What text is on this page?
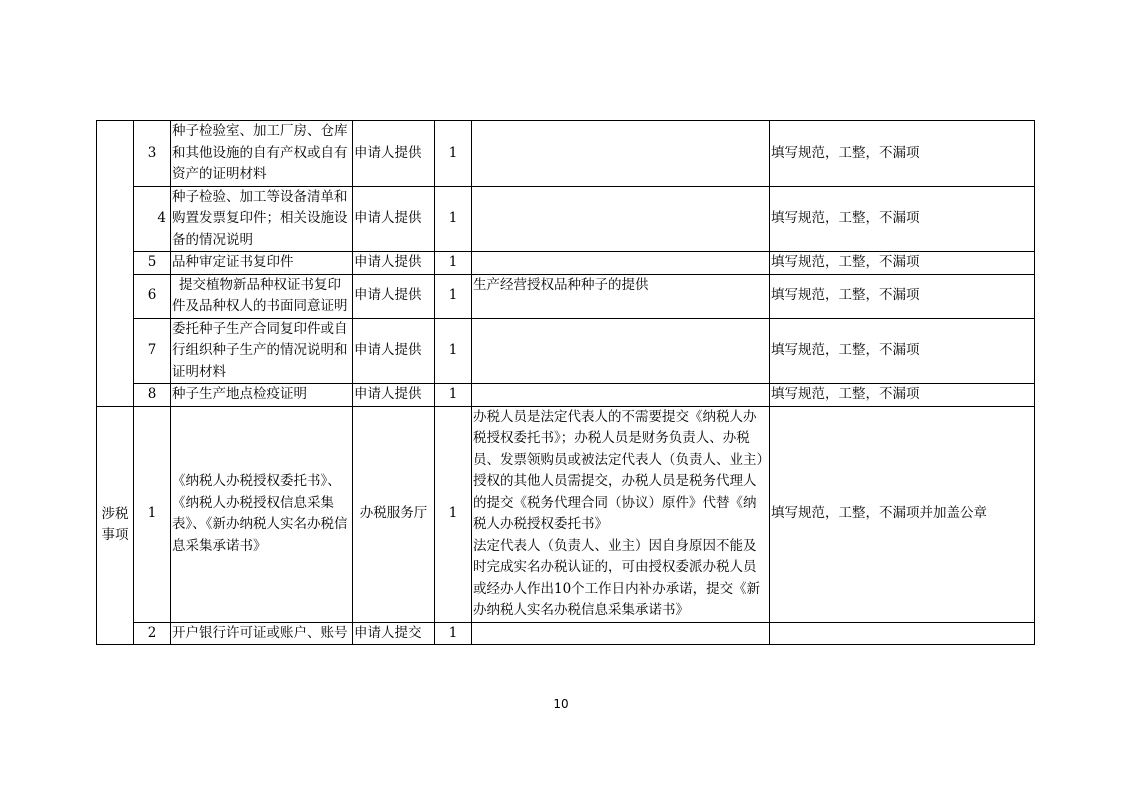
	3	种子检验室、加工厂房、仓库和其他设施的自有产权或自有资产的证明材料	申请人提供	1		填写规范，工整，不漏项
	4	种子检验、加工等设备清单和购置发票复印件；相关设施设备的情况说明	申请人提供	1		填写规范，工整，不漏项
	5	品种审定证书复印件	申请人提供	1		填写规范，工整，不漏项
	6	提交植物新品种权证书复印件及品种权人的书面同意证明	申请人提供	1	生产经营授权品种种子的提供	填写规范，工整，不漏项
	7	委托种子生产合同复印件或自行组织种子生产的情况说明和证明材料	申请人提供	1		填写规范，工整，不漏项
	8	种子生产地点检疫证明	申请人提供	1		填写规范，工整，不漏项
涉税事项	1	《纳税人办税授权委托书》、《纳税人办税授权信息采集表》、《新办纳税人实名办税信息采集承诺书》	办税服务厅	1	办税人员是法定代表人的不需要提交《纳税人办税授权委托书》；办税人员是财务负责人、办税员、发票领购员或被法定代表人（负责人、业主）授权的其他人员需提交，办税人员是税务代理人的提交《税务代理合同（协议）原件》代替《纳税人办税授权委托书》
法定代表人（负责人、业主）因自身原因不能及时完成实名办税认证的，可由授权委派办税人员或经办人作出10个工作日内补办承诺，提交《新办纳税人实名办税信息采集承诺书》	填写规范，工整，不漏项并加盖公章
	2	开户银行许可证或账户、账号	申请人提交	1		
10
